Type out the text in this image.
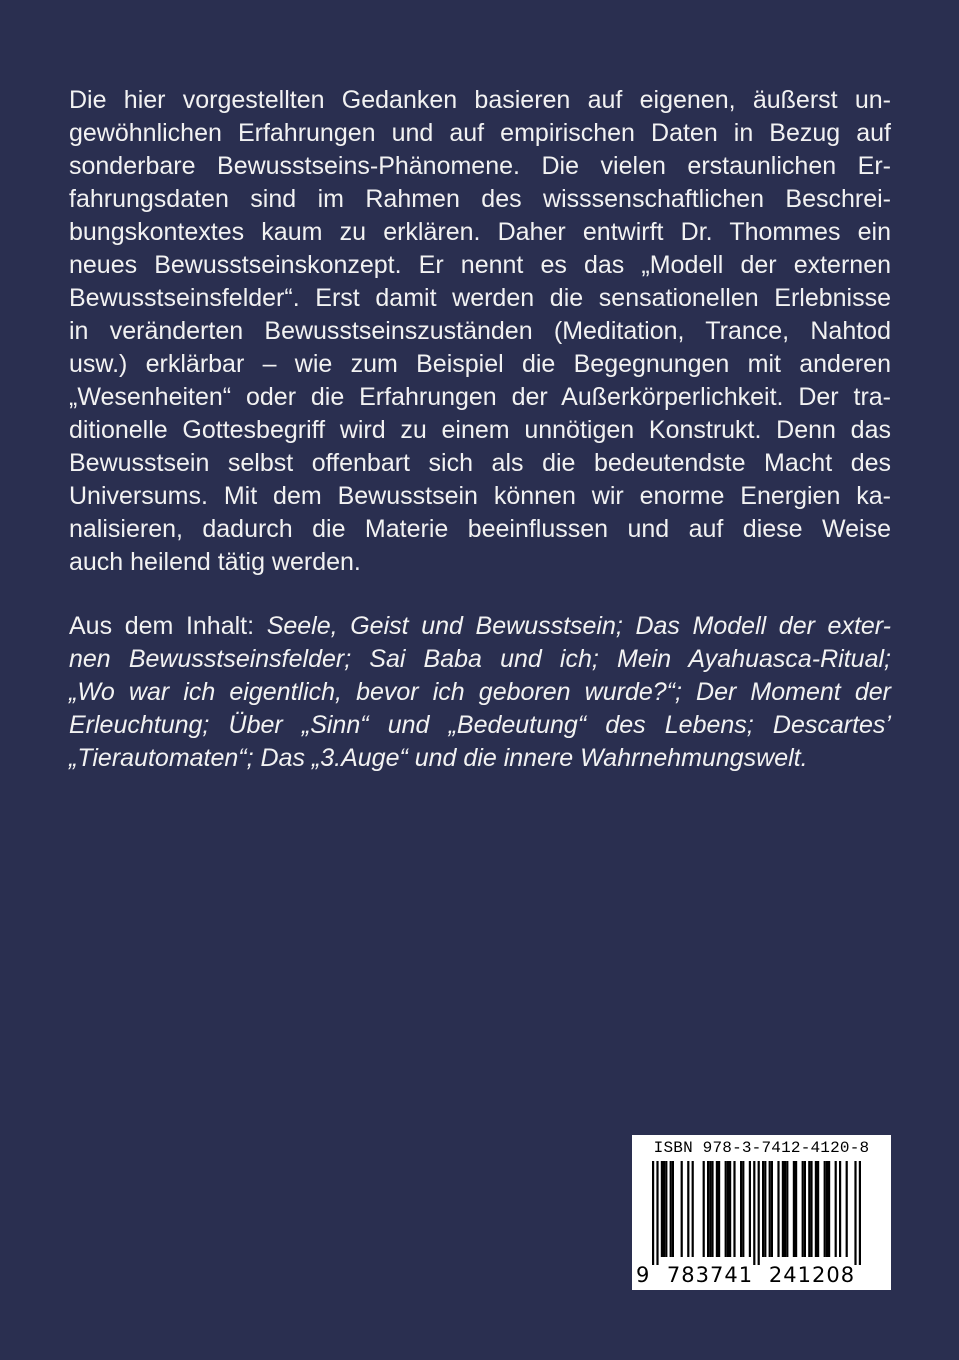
Die hier vorgestellten Gedanken basieren auf eigenen, äußerst un-
gewöhnlichen Erfahrungen und auf empirischen Daten in Bezug auf
sonderbare Bewusstseins-Phänomene. Die vielen erstaunlichen Er-
fahrungsdaten sind im Rahmen des wisssenschaftlichen Beschrei-
bungskontextes kaum zu erklären. Daher entwirft Dr. Thommes ein
neues Bewusstseinskonzept. Er nennt es das „Modell der externen
Bewusstseinsfelder“. Erst damit werden die sensationellen Erlebnisse
in veränderten Bewusstseinszuständen (Meditation, Trance, Nahtod
usw.) erklärbar – wie zum Beispiel die Begegnungen mit anderen
„Wesenheiten“ oder die Erfahrungen der Außerkörperlichkeit. Der tra-
ditionelle Gottesbegriff wird zu einem unnötigen Konstrukt. Denn das
Bewusstsein selbst offenbart sich als die bedeutendste Macht des
Universums. Mit dem Bewusstsein können wir enorme Energien ka-
nalisieren, dadurch die Materie beeinflussen und auf diese Weise
auch heilend tätig werden.
Aus dem Inhalt: Seele, Geist und Bewusstsein; Das Modell der exter-
nen Bewusstseinsfelder; Sai Baba und ich; Mein Ayahuasca-Ritual;
„Wo war ich eigentlich, bevor ich geboren wurde?“; Der Moment der
Erleuchtung; Über „Sinn“ und „Bedeutung“ des Lebens; Descartes’
„Tierautomaten“; Das „3.Auge“ und die innere Wahrnehmungswelt.
ISBN 978-3-7412-4120-8
9 783741 241208
